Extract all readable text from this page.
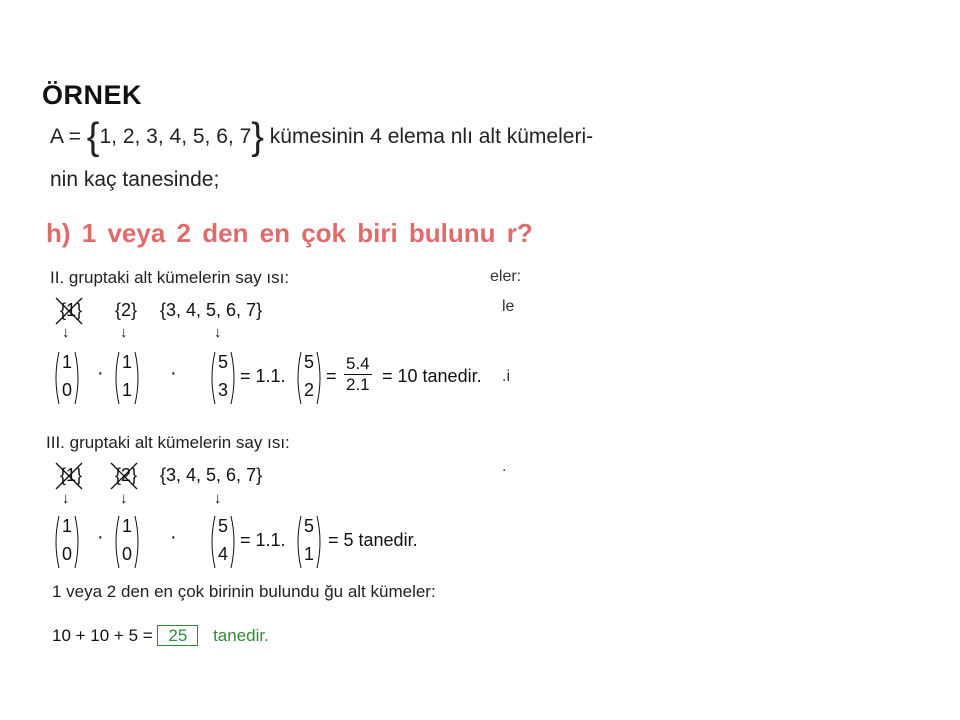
ÖRNEK
A = {1, 2, 3, 4, 5, 6, 7} kümesinin 4 elema nlı alt kümeleri-
nin kaç tanesinde;
h) 1 veya 2 den en çok biri bulunu r?
II. gruptaki alt kümelerin say ısı:	eler:
le
{1} {2} {3, 4, 5, 6, 7}
↓	↓	↓
1
0
·	1
1
·	5
3
= 1.1.
5
2
= $\frac{5.4}{2.1} = 10$ tanedir. .i
III. gruptaki alt kümelerin say ısı:
.
{1} {2} {3, 4, 5, 6, 7}
↓	↓	↓
1
0
·	1
0
·	5
4
= 1.1.
5
1
= 5 tanedir.
1 veya 2 den en çok birinin bulundu ğu alt kümeler:
10 + 10 + 5 = 25 tanedir.
